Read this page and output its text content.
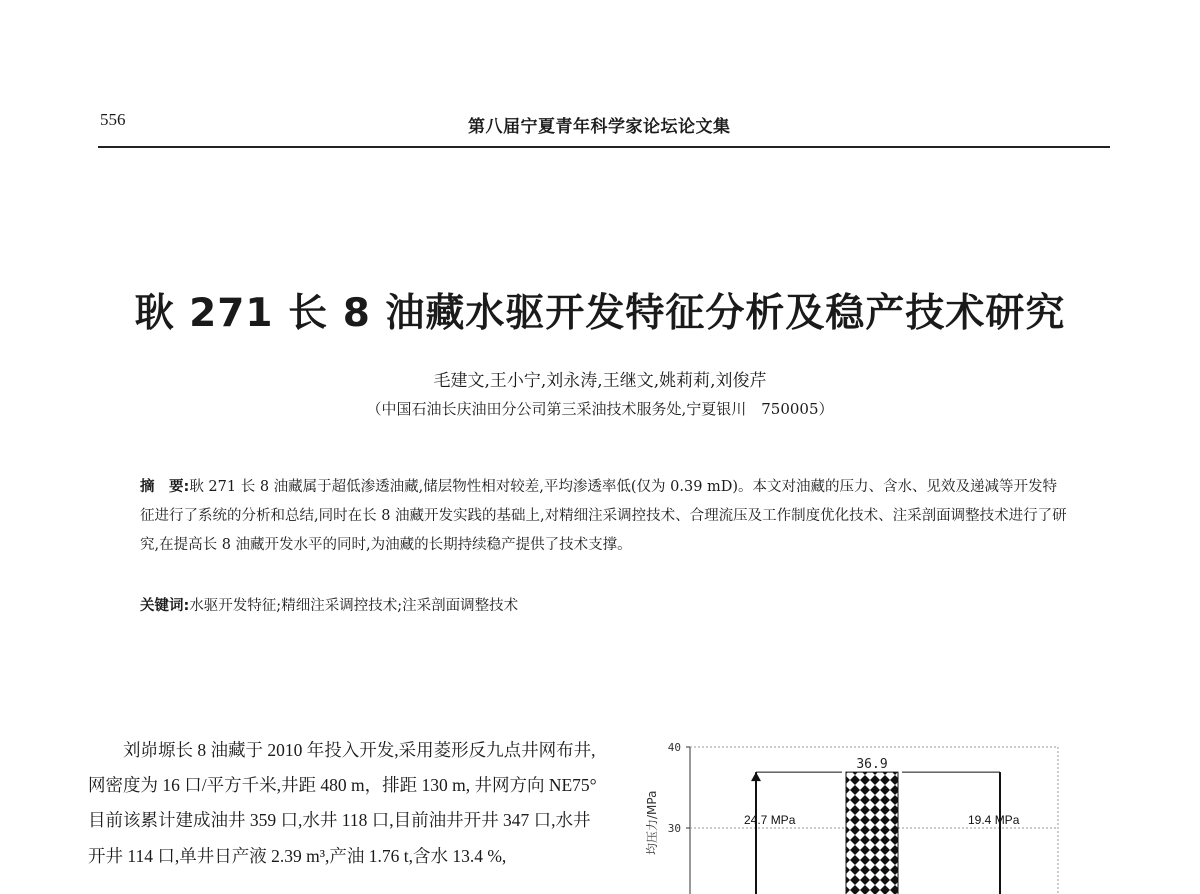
556	第八届宁夏青年科学家论坛论文集
耿 271 长 8 油藏水驱开发特征分析及稳产技术研究
毛建文,王小宁,刘永涛,王继文,姚莉莉,刘俊芹
（中国石油长庆油田分公司第三采油技术服务处,宁夏银川　750005）
摘　要:耿 271 长 8 油藏属于超低渗透油藏,储层物性相对较差,平均渗透率低(仅为 0.39 mD)。本文对油藏的压力、含水、见效及递减等开发特征进行了系统的分析和总结,同时在长 8 油藏开发实践的基础上,对精细注采调控技术、合理流压及工作制度优化技术、注采剖面调整技术进行了研究,在提高长 8 油藏开发水平的同时,为油藏的长期持续稳产提供了技术支撑。
关键词:水驱开发特征;精细注采调控技术;注采剖面调整技术
刘峁塬长 8 油藏于 2010 年投入开发,采用菱形反九点井网布井,网密度为 16 口/平方千米,井距 480 m，排距 130 m, 井网方向 NE75°目前该累计建成油井 359 口,水井 118 口,目前油井开井 347 口,水井开井 114 口,单井日产液 2.39 m³,产油 1.76 t,含水 13.4 %,
均压力/MPa
40
30
36.9
24.7 MPa	19.4 MPa
